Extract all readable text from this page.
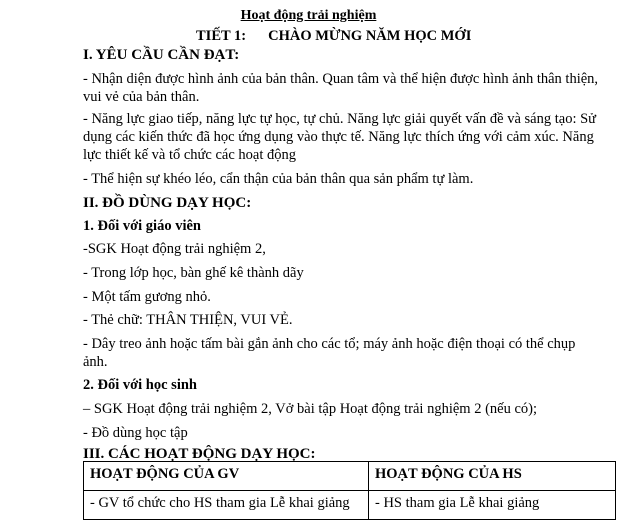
Hoạt động trải nghiệm
TIẾT 1: CHÀO MỪNG NĂM HỌC MỚI
I. YÊU CẦU CẦN ĐẠT:
- Nhận diện được hình ảnh của bản thân. Quan tâm và thể hiện được hình ảnh thân thiện, vui vẻ của bản thân.
- Năng lực giao tiếp, năng lực tự học, tự chủ. Năng lực giải quyết vấn đề và sáng tạo: Sử dụng các kiến thức đã học ứng dụng vào thực tế. Năng lực thích ứng với cảm xúc. Năng lực thiết kế và tổ chức các hoạt động
- Thể hiện sự khéo léo, cẩn thận của bản thân qua sản phẩm tự làm.
II. ĐỒ DÙNG DẠY HỌC:
1. Đối với giáo viên
-SGK Hoạt động trải nghiệm 2,
- Trong lớp học, bàn ghế kê thành dãy
- Một tấm gương nhỏ.
- Thẻ chữ: THÂN THIỆN, VUI VẺ.
- Dây treo ảnh hoặc tấm bài gắn ảnh cho các tổ; máy ảnh hoặc điện thoại có thể chụp ảnh.
2. Đối với học sinh
– SGK Hoạt động trải nghiệm 2, Vở bài tập Hoạt động trải nghiệm 2 (nếu có);
- Đồ dùng học tập
III. CÁC HOẠT ĐỘNG DẠY HỌC:
HOẠT ĐỘNG CỦA GV	HOẠT ĐỘNG CỦA HS
- GV tổ chức cho HS tham gia Lễ khai giảng	- HS tham gia Lễ khai giảng
